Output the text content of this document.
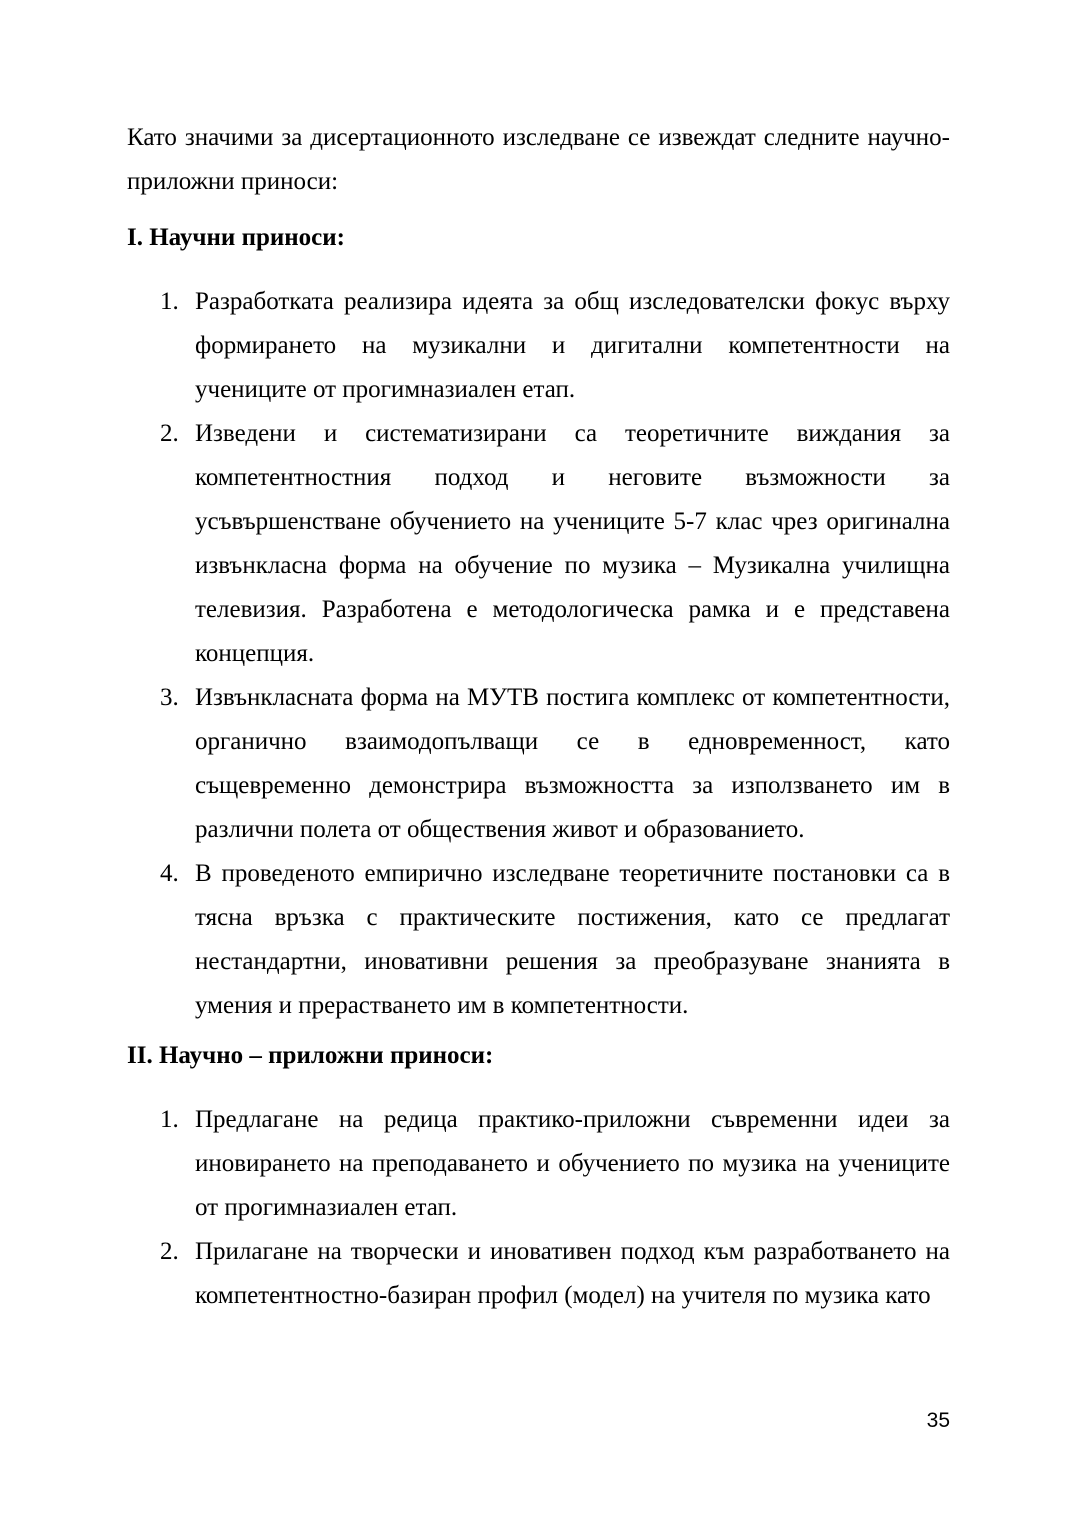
Като значими за дисертационното изследване се извеждат следните научно-приложни приноси:

I. Научни приноси:
1. Разработката реализира идеята за общ изследователски фокус върху формирането на музикални и дигитални компетентности на учениците от прогимназиален етап.
2. Изведени и систематизирани са теоретичните виждания за компетентностния подход и неговите възможности за усъвършенстване обучението на учениците 5-7 клас чрез оригинална извънкласна форма на обучение по музика – Музикална училищна телевизия. Разработена е методологическа рамка и е представена концепция.
3. Извънкласната форма на МУТВ постига комплекс от компетентности, органично взаимодопълващи се в едновременност, като същевременно демонстрира възможността за използването им в различни полета от обществения живот и образованието.
4. В проведеното емпирично изследване теоретичните постановки са в тясна връзка с практическите постижения, като се предлагат нестандартни, иновативни решения за преобразуване знанията в умения и прерастването им в компетентности.
II. Научно – приложни приноси:
1. Предлагане на редица практико-приложни съвременни идеи за иновирането на преподаването и обучението по музика на учениците от прогимназиален етап.
2. Прилагане на творчески и иновативен подход към разработването на компетентностно-базиран профил (модел) на учителя по музика като
35
